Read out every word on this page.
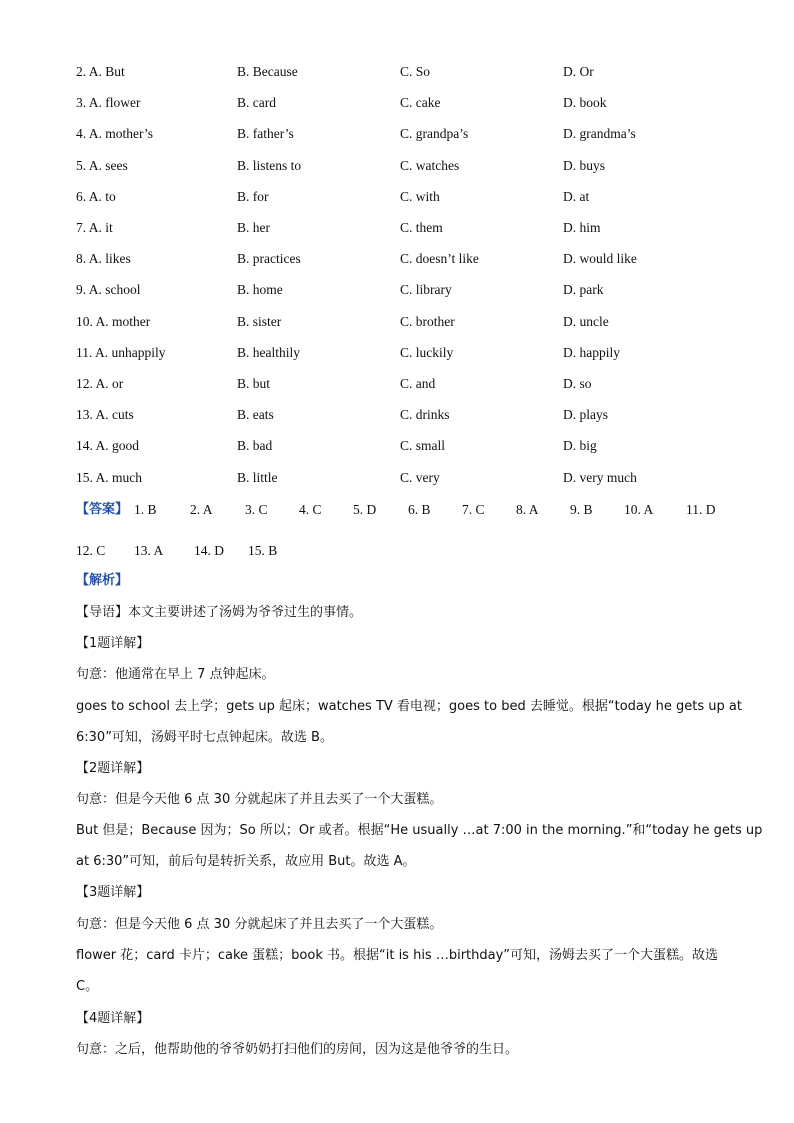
2. A. But	B. Because	C. So	D. Or
3. A. flower	B. card	C. cake	D. book
4. A. mother’s	B. father’s	C. grandpa’s	D. grandma’s
5. A. sees	B. listens to	C. watches	D. buys
6. A. to	B. for	C. with	D. at
7. A. it	B. her	C. them	D. him
8. A. likes	B. practices	C. doesn’t like	D. would like
9. A. school	B. home	C. library	D. park
10. A. mother	B. sister	C. brother	D. uncle
11. A. unhappily	B. healthily	C. luckily	D. happily
12. A. or	B. but	C. and	D. so
13. A. cuts	B. eats	C. drinks	D. plays
14. A. good	B. bad	C. small	D. big
15. A. much	B. little	C. very	D. very much
【答案】 1. B 2. A 3. C 4. C 5. D 6. B 7. C 8. A 9. B 10. A 11. D
12. C 13. A 14. D 15. B
【解析】
【导语】本文主要讲述了汤姆为爷爷过生的事情。
【1题详解】
句意：他通常在早上 7 点钟起床。
goes to school 去上学；gets up 起床；watches TV 看电视；goes to bed 去睡觉。根据“today he gets up at
6:30”可知，汤姆平时七点钟起床。故选 B。
【2题详解】
句意：但是今天他 6 点 30 分就起床了并且去买了一个大蛋糕。
But 但是；Because 因为；So 所以；Or 或者。根据“He usually …at 7:00 in the morning.”和“today he gets up
at 6:30”可知，前后句是转折关系，故应用 But。故选 A。
【3题详解】
句意：但是今天他 6 点 30 分就起床了并且去买了一个大蛋糕。
flower 花；card 卡片；cake 蛋糕；book 书。根据“it is his …birthday”可知，汤姆去买了一个大蛋糕。故选
C。
【4题详解】
句意：之后，他帮助他的爷爷奶奶打扫他们的房间，因为这是他爷爷的生日。
